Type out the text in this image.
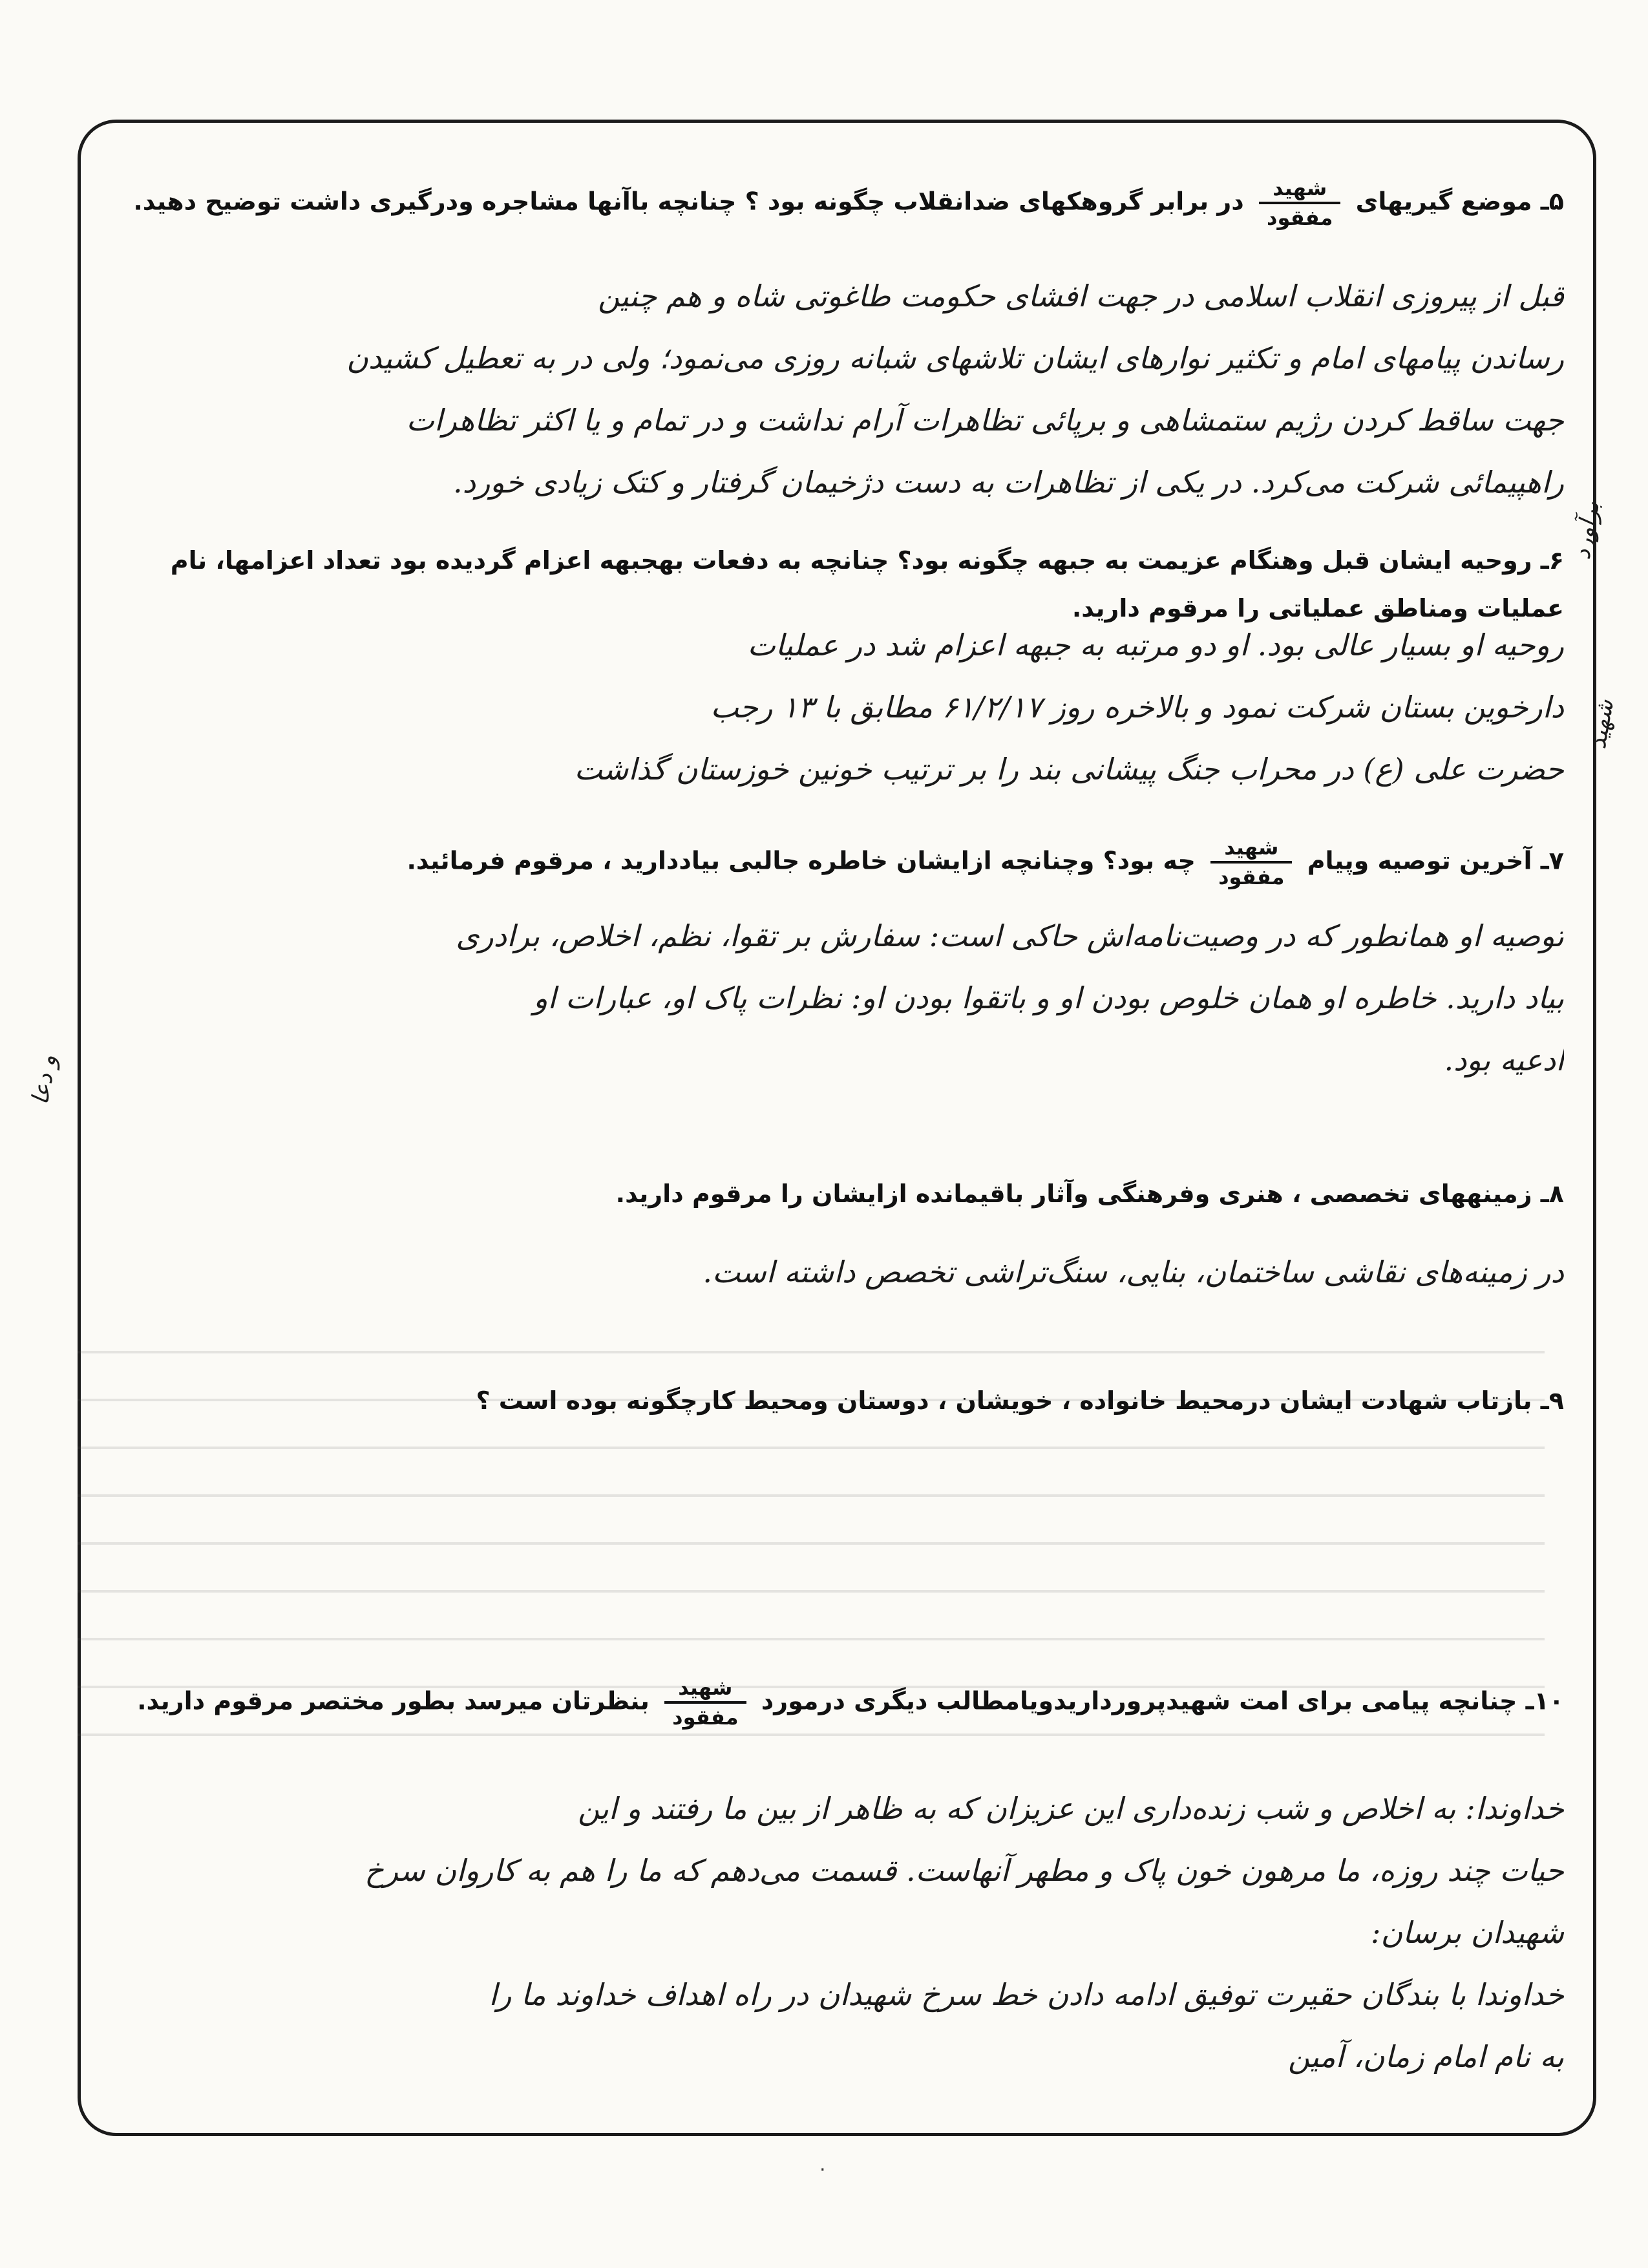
۵ـ موضع گیریهای
$\frac{\text{شهید}}{\text{مفقود}}$
در برابر گروهکهای ضدانقلاب چگونه بود ؟ چنانچه باآنها مشاجره ودرگیری داشت توضیح دهید.
قبل از پیروزی انقلاب اسلامی در جهت افشای حکومت طاغوتی شاه و هم چنین
رساندن پیامهای امام و تکثیر نوارهای ایشان تلاشهای شبانه روزی می‌نمود؛ ولی در به تعطیل کشیدن
جهت ساقط کردن رژیم ستمشاهی و برپائی تظاهرات آرام نداشت و در تمام و یا اکثر تظاهرات
راهپیمائی شرکت می‌کرد. در یکی از تظاهرات به دست دژخیمان گرفتار و کتک زیادی خورد.
۶ـ روحیه ایشان قبل وهنگام عزیمت به جبهه چگونه بود؟ چنانچه به دفعات بهجبهه اعزام گردیده بود تعداد اعزامها، نام عملیات ومناطق عملیاتی را مرقوم دارید.
روحیه او بسیار عالی بود. او دو مرتبه به جبهه اعزام شد در عملیات
دارخوین بستان شرکت نمود و بالاخره روز ۶۱/۲/۱۷ مطابق با ۱۳ رجب
حضرت علی (ع) در محراب جنگ پیشانی بند را بر ترتیب خونین خوزستان گذاشت
۷ـ آخرین توصیه وپیام
$\frac{\text{شهید}}{\text{مفقود}}$
چه بود؟ وچنانچه ازایشان خاطره جالبی بیاددارید ، مرقوم فرمائید.
توصیه او همانطور که در وصیت‌نامه‌اش حاکی است: سفارش بر تقوا، نظم، اخلاص، برادری
بیاد دارید. خاطره او همان خلوص بودن او و باتقوا بودن او: نظرات پاک او، عبارات او
ادعیه بود.
۸ـ زمینههای تخصصی ، هنری وفرهنگی وآثار باقیمانده ازایشان را مرقوم دارید.
در زمینه‌های نقاشی ساختمان، بنایی، سنگ‌تراشی تخصص داشته است.
۹ـ بازتاب شهادت ایشان درمحیط خانواده ، خویشان ، دوستان ومحیط کارچگونه بوده است ؟
۱۰ـ چنانچه پیامی برای امت شهیدپرورداریدویامطالب دیگری درمورد
$\frac{\text{شهید}}{\text{مفقود}}$
بنظرتان میرسد بطور مختصر مرقوم دارید.
خداوندا: به اخلاص و شب زنده‌داری این عزیزان که به ظاهر از بین ما رفتند و این
حیات چند روزه، ما مرهون خون پاک و مطهر آنهاست. قسمت می‌دهم که ما را هم به کاروان سرخ
شهیدان برسان:
خداوندا با بندگان حقیرت توفیق ادامه دادن خط سرخ شهیدان در راه اهداف خداوند ما را
به نام امام زمان، آمین
برآورد
شهید
و دعا
·
